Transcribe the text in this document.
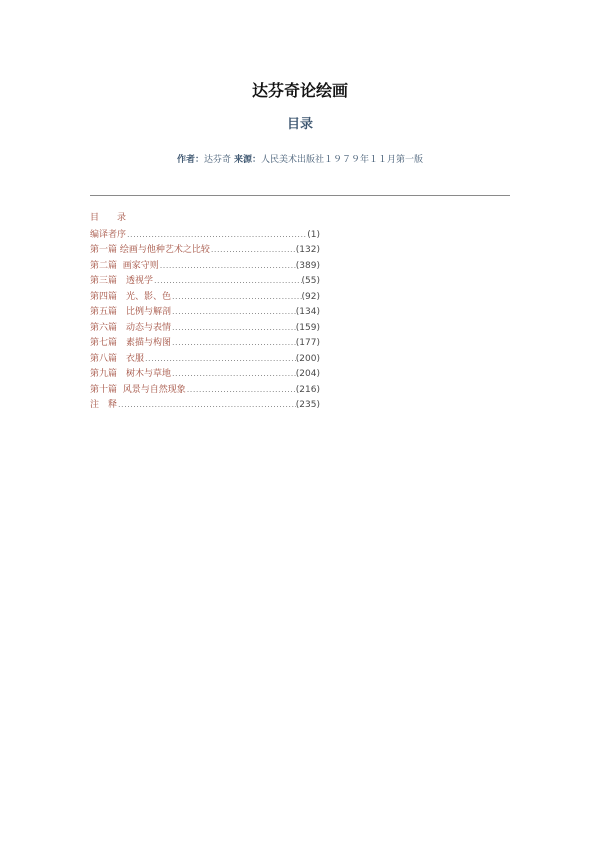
达芬奇论绘画
目录
作者：达芬奇 来源：人民美术出版社１９７９年１１月第一版
目　　录
编译者序 .....	(1)
第一篇 绘画与他种艺术之比较 .....	(132)
第二篇  画家守则 .....	(389)
第三篇　透视学 .....	(55)
第四篇　光、影、色 .....	(92)
第五篇　比例与解剖 .....	(134)
第六篇　动态与表情 .....	(159)
第七篇　素描与构图 .....	(177)
第八篇　衣服 .....	(200)
第九篇　树木与草地 .....	(204)
第十篇  风景与自然现象 .....	(216)
注　释 .....	(235)
